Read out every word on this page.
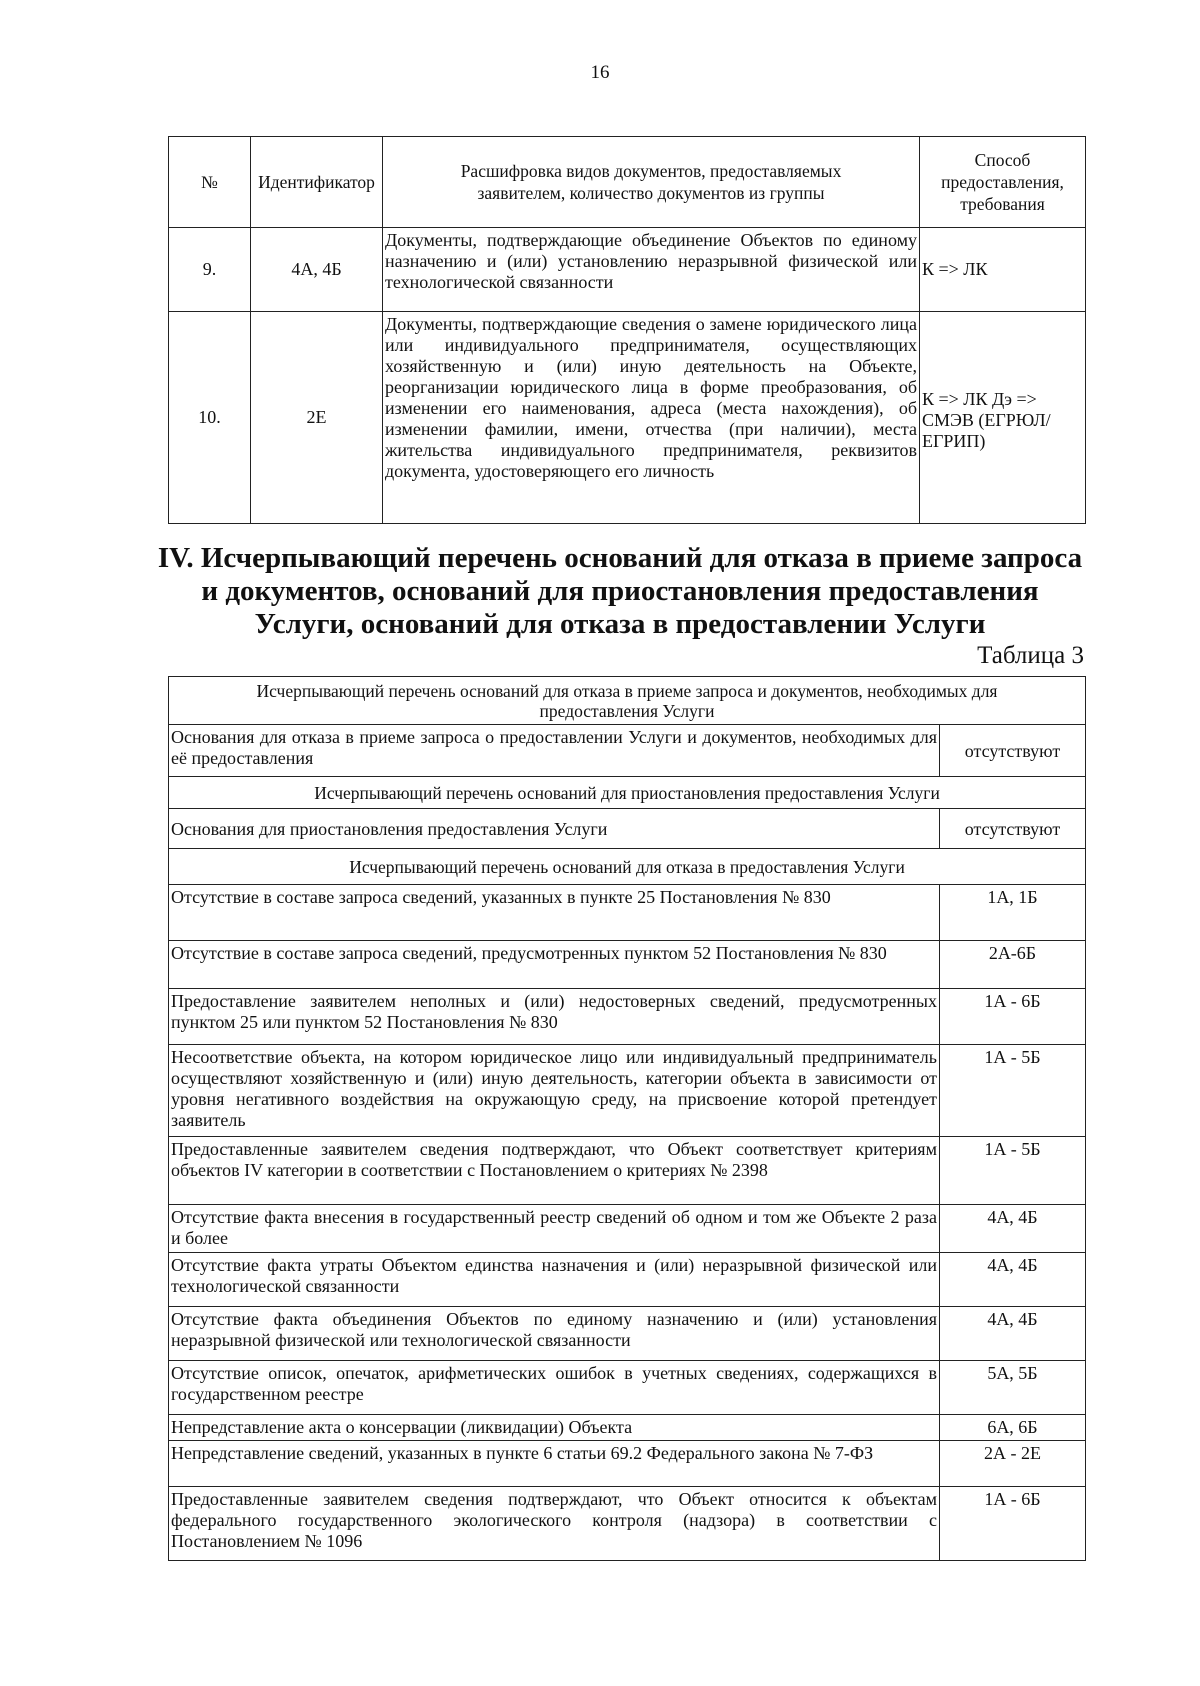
16
№	Идентификатор	Расшифровка видов документов, предоставляемых заявителем, количество документов из группы	Способ предоставления, требования
9.	4А, 4Б	Документы, подтверждающие объединение Объектов по единому назначению и (или) установлению неразрывной физической или технологической связанности	К => ЛК
10.	2Е	Документы, подтверждающие сведения о замене юридического лица или индивидуального предпринимателя, осуществляющих хозяйственную и (или) иную деятельность на Объекте, реорганизации юридического лица в форме преобразования, об изменении его наименования, адреса (места нахождения), об изменении фамилии, имени, отчества (при наличии), места жительства индивидуального предпринимателя, реквизитов документа, удостоверяющего его личность	К => ЛК Дэ => СМЭВ (ЕГРЮЛ/ ЕГРИП)
IV. Исчерпывающий перечень оснований для отказа в приеме запроса
и документов, оснований для приостановления предоставления
Услуги, оснований для отказа в предоставлении Услуги
Таблица 3
Исчерпывающий перечень оснований для отказа в приеме запроса и документов, необходимых для предоставления Услуги	
Основания для отказа в приеме запроса о предоставлении Услуги и документов, необходимых для её предоставления	отсутствуют
Исчерпывающий перечень оснований для приостановления предоставления Услуги	
Основания для приостановления предоставления Услуги	отсутствуют
Исчерпывающий перечень оснований для отказа в предоставления Услуги	
Отсутствие в составе запроса сведений, указанных в пункте 25 Постановления № 830	1А, 1Б
Отсутствие в составе запроса сведений, предусмотренных пунктом 52 Постановления № 830	2А-6Б
Предоставление заявителем неполных и (или) недостоверных сведений, предусмотренных пунктом 25 или пунктом 52 Постановления № 830	1А - 6Б
Несоответствие объекта, на котором юридическое лицо или индивидуальный предприниматель осуществляют хозяйственную и (или) иную деятельность, категории объекта в зависимости от уровня негативного воздействия на окружающую среду, на присвоение которой претендует заявитель	1А - 5Б
Предоставленные заявителем сведения подтверждают, что Объект соответствует критериям объектов IV категории в соответствии с Постановлением о критериях № 2398	1А - 5Б
Отсутствие факта внесения в государственный реестр сведений об одном и том же Объекте 2 раза и более	4А, 4Б
Отсутствие факта утраты Объектом единства назначения и (или) неразрывной физической или технологической связанности	4А, 4Б
Отсутствие факта объединения Объектов по единому назначению и (или) установления неразрывной физической или технологической связанности	4А, 4Б
Отсутствие описок, опечаток, арифметических ошибок в учетных сведениях, содержащихся в государственном реестре	5А, 5Б
Непредставление акта о консервации (ликвидации) Объекта	6А, 6Б
Непредставление сведений, указанных в пункте 6 статьи 69.2 Федерального закона № 7-ФЗ	2А - 2Е
Предоставленные заявителем сведения подтверждают, что Объект относится к объектам федерального государственного экологического контроля (надзора) в соответствии с Постановлением № 1096	1А - 6Б
